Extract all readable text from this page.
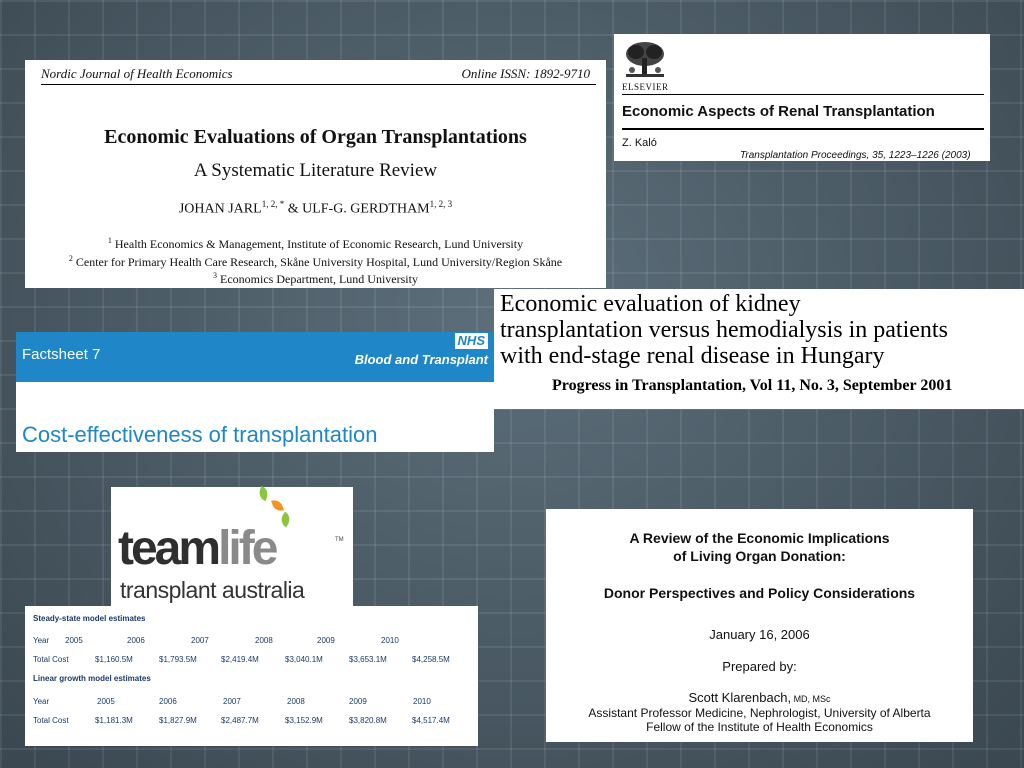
Nordic Journal of Health Economics	Online ISSN: 1892-9710
Economic Evaluations of Organ Transplantations
A Systematic Literature Review
JOHAN $JARL^{1, 2, *}$ & ULF-G. GERDTHAM$^{1, 2, 3}$
$^1$ Health Economics & Management, Institute of Economic Research, Lund University
$^2$ Center for Primary Health Care Research, Skåne University Hospital, Lund University/Region Skåne
$^3$ Economics Department, Lund University
ELSEVIER
Economic Aspects of Renal Transplantation
Z. Kaló
Transplantation Proceedings, 35, 1223–1226 (2003)
Economic evaluation of kidney
transplantation versus hemodialysis in patients
with end-stage renal disease in Hungary
Progress in Transplantation, Vol 11, No. 3, September 2001
Factsheet 7
NHS
Blood and Transplant
Cost-effectiveness of transplantation
teamlife	TM
transplant australia
Steady-state model estimates
Year 2005	2006	2007	2008	2009	2010
Total Cost	$1,160.5M	$1,793.5M	$2,419.4M	$3,040.1M	$3,653.1M	$4,258.5M
Linear growth model estimates
Year	2005	2006	2007	2008	2009	2010
Total Cost	$1,181.3M	$1,827.9M	$2,487.7M	$3,152.9M	$3,820.8M	$4,517.4M
A Review of the Economic Implications
of Living Organ Donation:
Donor Perspectives and Policy Considerations
January 16, 2006
Prepared by:
Scott Klarenbach, MD, MSc
Assistant Professor Medicine, Nephrologist, University of Alberta
Fellow of the Institute of Health Economics
